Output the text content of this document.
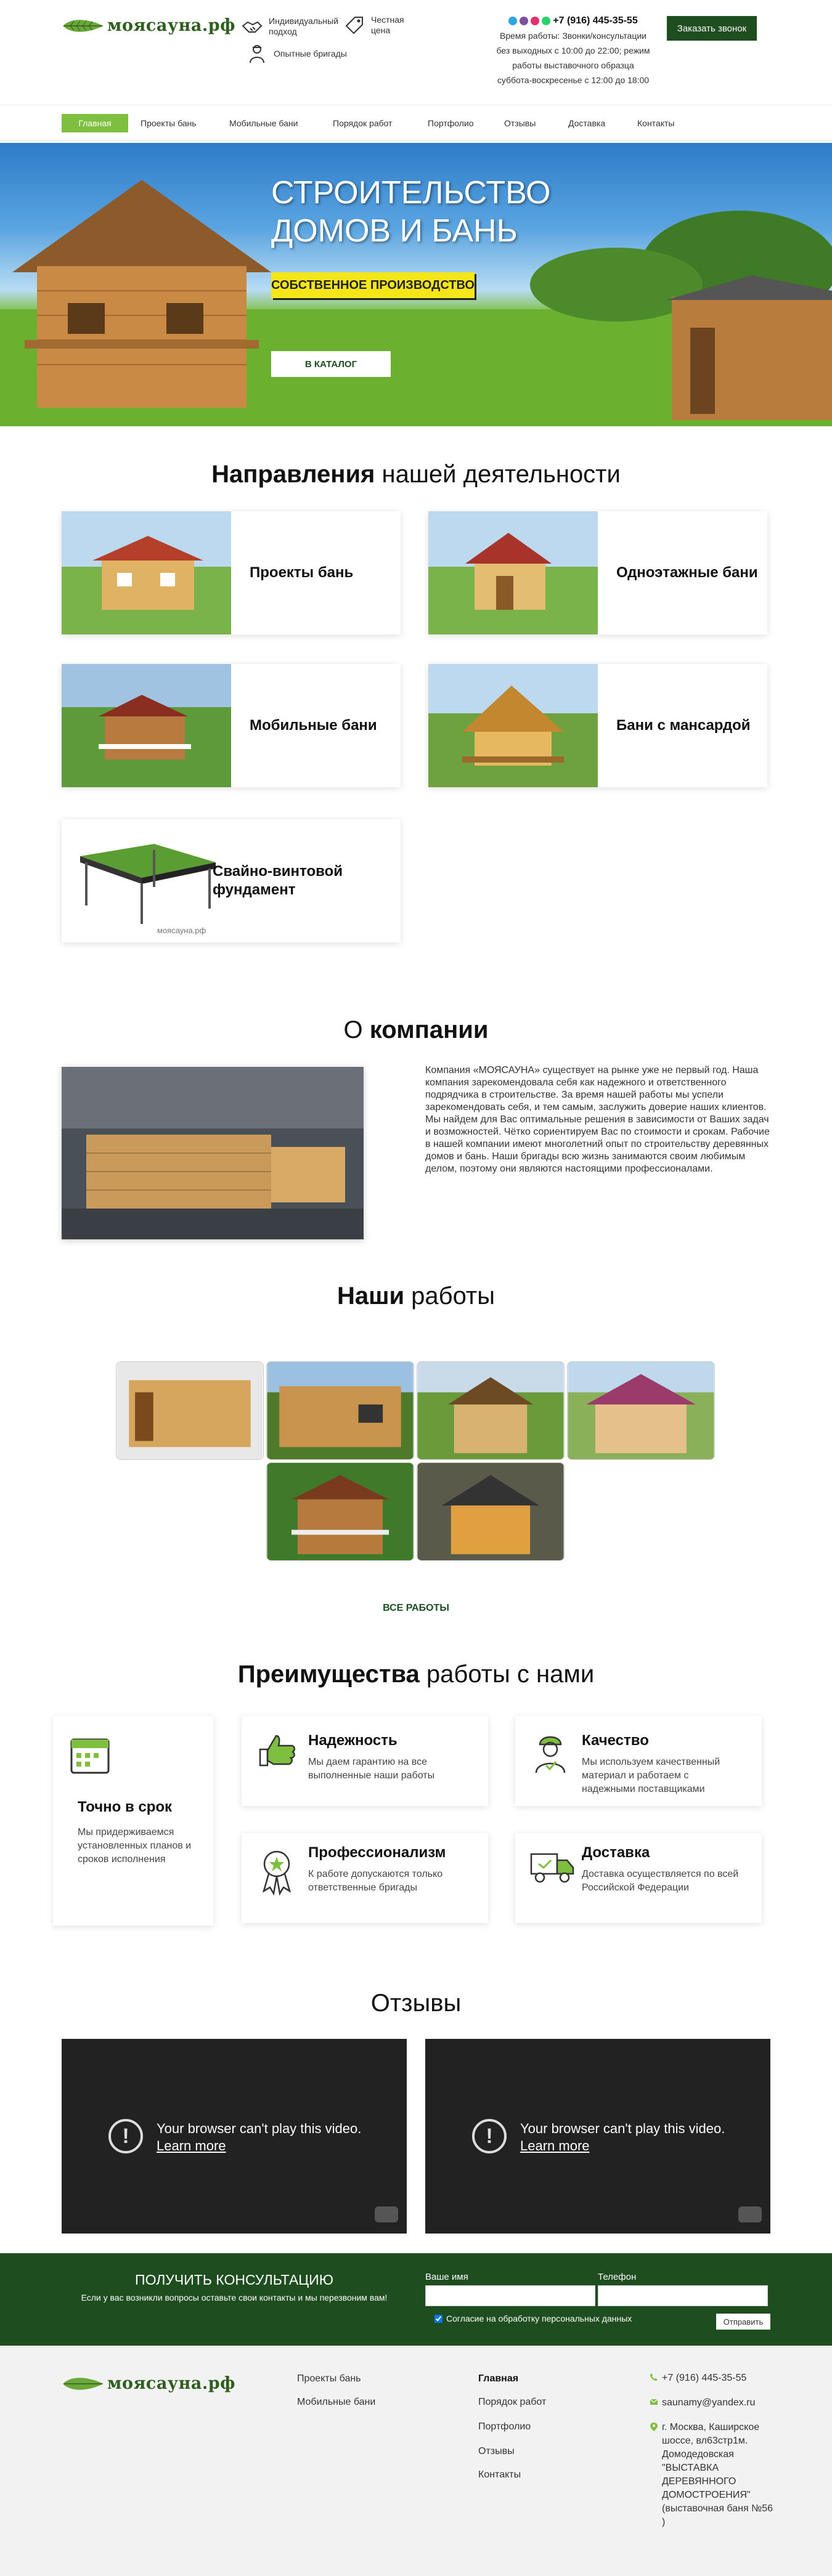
моясауна.рф	Индивидуальный подход
Честная цена
Опытные бригады
+7 (916) 445-35-55
Время работы: Звонки/консультации
без выходных с 10:00 до 22:00; режим
работы выставочного образца
суббота-воскресенье с 12:00 до 18:00
Заказать звонок
Главная	Проекты бань	Мобильные бани	Порядок работ	Портфолио	Отзывы	Доставка	Контакты
СТРОИТЕЛЬСТВО
ДОМОВ И БАНЬ
СОБСТВЕННОЕ ПРОИЗВОДСТВО
В КАТАЛОГ
Направления нашей деятельности
Проекты бань	Одноэтажные бани
Мобильные бани	Бани с мансардой
моясауна.рф
Свайно-винтовой фундамент
О компании
Компания «МОЯСАУНА» существует на рынке уже не первый год. Наша компания зарекомендовала себя как надежного и ответственного подрядчика в строительстве. За время нашей работы мы успели зарекомендовать себя, и тем самым, заслужить доверие наших клиентов. Мы найдем для Вас оптимальные решения в зависимости от Ваших задач и возможностей. Чётко сориентируем Вас по стоимости и срокам. Рабочие в нашей компании имеют многолетний опыт по строительству деревянных домов и бань. Наши бригады всю жизнь занимаются своим любимым делом, поэтому они являются настоящими профессионалами.
Наши работы
ВСЕ РАБОТЫ
Преимущества работы с нами
Точно в срок
Мы придерживаемся установленных планов и сроков исполнения
Надежность
Мы даем гарантию на все выполненные наши работы
Качество
Мы используем качественный материал и работаем с надежными поставщиками
Профессионализм
К работе допускаются только ответственные бригады
Доставка
Доставка осуществляется по всей Российской Федерации
Отзывы
!	Your browser can't play this video.
Learn more	!	Your browser can't play this video.
Learn more
ПОЛУЧИТЬ КОНСУЛЬТАЦИЮ
Если у вас возникли вопросы оставьте свои контакты и мы перезвоним вам!
Ваше имя	Телефон
Согласие на обработку персональных данных	Отправить
моясауна.рф	Проекты бань
Мобильные бани
Главная
Порядок работ
Портфолио
Отзывы
Контакты
+7 (916) 445-35-55
saunamy@yandex.ru
г. Москва, Каширское
шоссе, вл63стр1м.
Домодедовская
"ВЫСТАВКА
ДЕРЕВЯННОГО
ДОМОСТРОЕНИЯ"
(выставочная баня №56
)
